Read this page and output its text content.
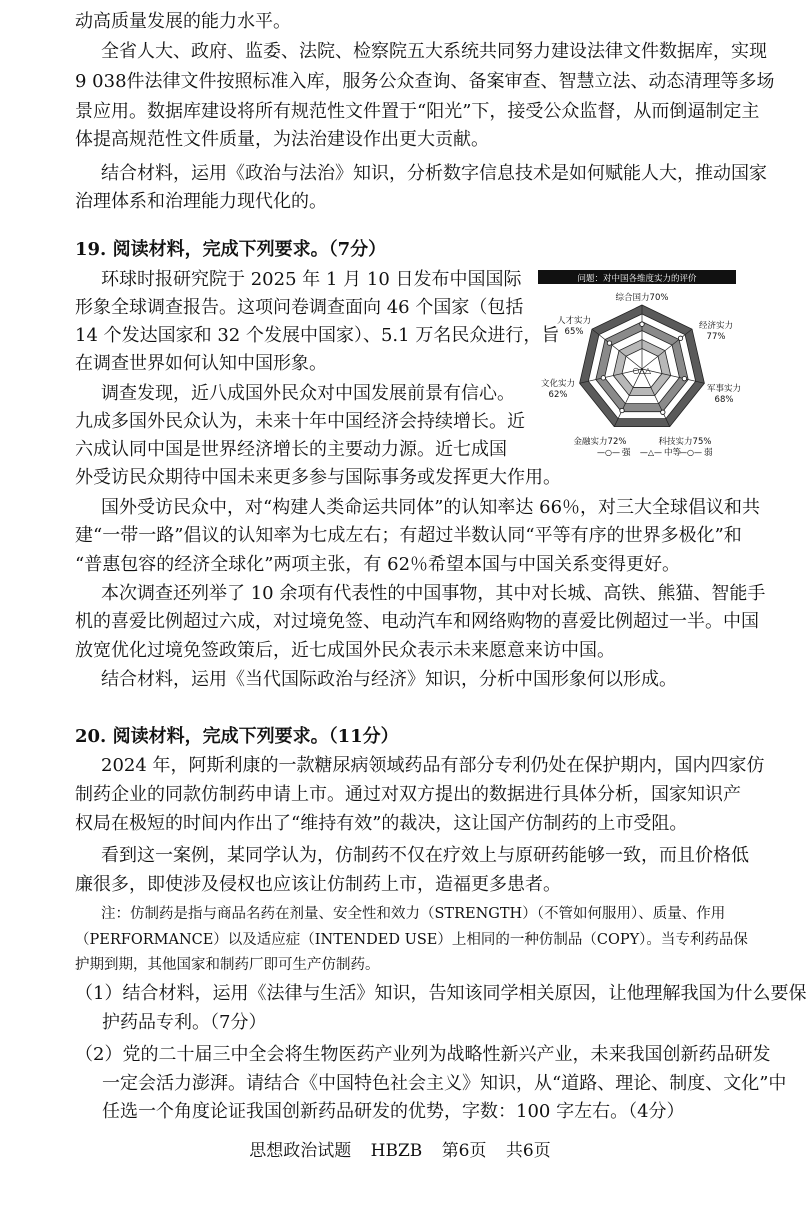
动高质量发展的能力水平。

全省人大、政府、监委、法院、检察院五大系统共同努力建设法律文件数据库，实现

9 038件法律文件按照标准入库，服务公众查询、备案审查、智慧立法、动态清理等多场

景应用。数据库建设将所有规范性文件置于“阳光”下，接受公众监督，从而倒逼制定主

体提高规范性文件质量，为法治建设作出更大贡献。

结合材料，运用《政治与法治》知识，分析数字信息技术是如何赋能人大，推动国家

治理体系和治理能力现代化的。

19. 阅读材料，完成下列要求。（7分）

环球时报研究院于 2025 年 1 月 10 日发布中国国际

形象全球调查报告。这项问卷调查面向 46 个国家（包括

14 个发达国家和 32 个发展中国家）、5.1 万名民众进行，旨

在调查世界如何认知中国形象。

调查发现，近八成国外民众对中国发展前景有信心。

九成多国外民众认为，未来十年中国经济会持续增长。近

六成认同中国是世界经济增长的主要动力源。近七成国

外受访民众期待中国未来更多参与国际事务或发挥更大作用。

国外受访民众中，对“构建人类命运共同体”的认知率达 66％，对三大全球倡议和共

建“一带一路”倡议的认知率为七成左右；有超过半数认同“平等有序的世界多极化”和

“普惠包容的经济全球化”两项主张，有 62％希望本国与中国关系变得更好。

本次调查还列举了 10 余项有代表性的中国事物，其中对长城、高铁、熊猫、智能手

机的喜爱比例超过六成，对过境免签、电动汽车和网络购物的喜爱比例超过一半。中国

放宽优化过境免签政策后，近七成国外民众表示未来愿意来访中国。

结合材料，运用《当代国际政治与经济》知识，分析中国形象何以形成。

问题：对中国各维度实力的评价
○ △ △
综合国力70%
经济实力
77%
军事实力
68%
科技实力75%
金融实力72%
文化实力
62%
人才实力
65%
—○— 强 —△— 中等
—○— 弱

20. 阅读材料，完成下列要求。（11分）

2024 年，阿斯利康的一款糖尿病领域药品有部分专利仍处在保护期内，国内四家仿

制药企业的同款仿制药申请上市。通过对双方提出的数据进行具体分析，国家知识产

权局在极短的时间内作出了“维持有效”的裁决，这让国产仿制药的上市受阻。

看到这一案例，某同学认为，仿制药不仅在疗效上与原研药能够一致，而且价格低

廉很多，即使涉及侵权也应该让仿制药上市，造福更多患者。

注：仿制药是指与商品名药在剂量、安全性和效力（STRENGTH）（不管如何服用）、质量、作用

（PERFORMANCE）以及适应症（INTENDED USE）上相同的一种仿制品（COPY）。当专利药品保

护期到期，其他国家和制药厂即可生产仿制药。

（1）结合材料，运用《法律与生活》知识，告知该同学相关原因，让他理解我国为什么要保

护药品专利。（7分）

（2）党的二十届三中全会将生物医药产业列为战略性新兴产业，未来我国创新药品研发

一定会活力澎湃。请结合《中国特色社会主义》知识，从“道路、理论、制度、文化”中

任选一个角度论证我国创新药品研发的优势，字数：100 字左右。（4分）

思想政治试题 HBZB 第6页 共6页
